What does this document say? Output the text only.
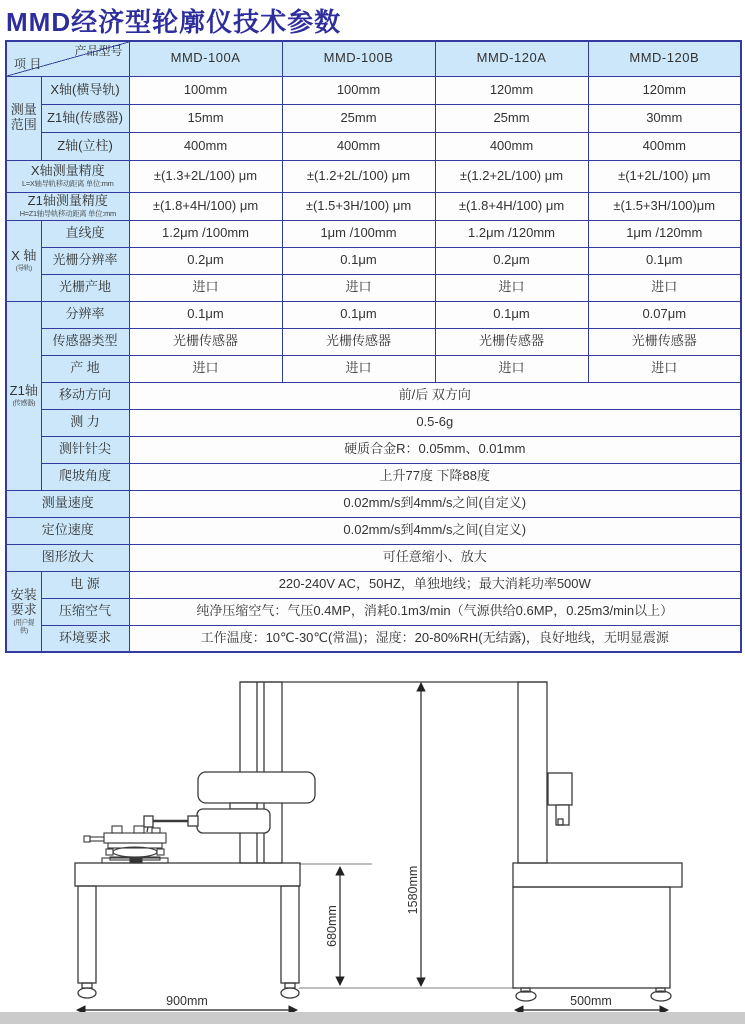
MMD经济型轮廓仪技术参数
产品型号
项 目		MMD-100A	MMD-100B	MMD-120A	MMD-120B

测量
范围	X轴(横导轨)	100mm	100mm	120mm	120mm
	Z1轴(传感器)	15mm	25mm	25mm	30mm
	Z轴(立柱)	400mm	400mm	400mm	400mm
X轴测量精度
L=X轴导轨移动距离 单位:mm		±(1.3+2L/100) μm	±(1.2+2L/100) μm	±(1.2+2L/100) μm	±(1+2L/100) μm
Z1轴测量精度
H=Z1轴导轨移动距离 单位:mm		±(1.8+4H/100) μm	±(1.5+3H/100) μm	±(1.8+4H/100) μm	±(1.5+3H/100)μm

X 轴
(导轨)	直线度	1.2μm /100mm	1μm /100mm	1.2μm /120mm	1μm /120mm
	光栅分辨率	0.2μm	0.1μm	0.2μm	0.1μm
	光栅产地	进口	进口	进口	进口

Z1轴
(传感器)	分辨率	0.1μm	0.1μm	0.1μm	0.07μm
	传感器类型	光栅传感器	光栅传感器	光栅传感器	光栅传感器
	产 地	进口	进口	进口	进口
	移动方向	前/后 双方向			
	测 力	0.5-6g			
	测针针尖	硬质合金R：0.05mm、0.01mm			
	爬坡角度	上升77度 下降88度			
测量速度		0.02mm/s到4mm/s之间(自定义)			
定位速度		0.02mm/s到4mm/s之间(自定义)			
图形放大		可任意缩小、放大			

安装
要求
(用户提供)	电 源	220-240V AC，50HZ，单独地线；最大消耗功率500W			
	压缩空气	纯净压缩空气：气压0.4MP，消耗0.1m3/min（气源供给0.6MP，0.25m3/min以上）			
	环境要求	工作温度：10℃-30℃(常温)；湿度：20-80%RH(无结露)，良好地线，无明显震源			
1580mm
680mm
900mm	500mm
